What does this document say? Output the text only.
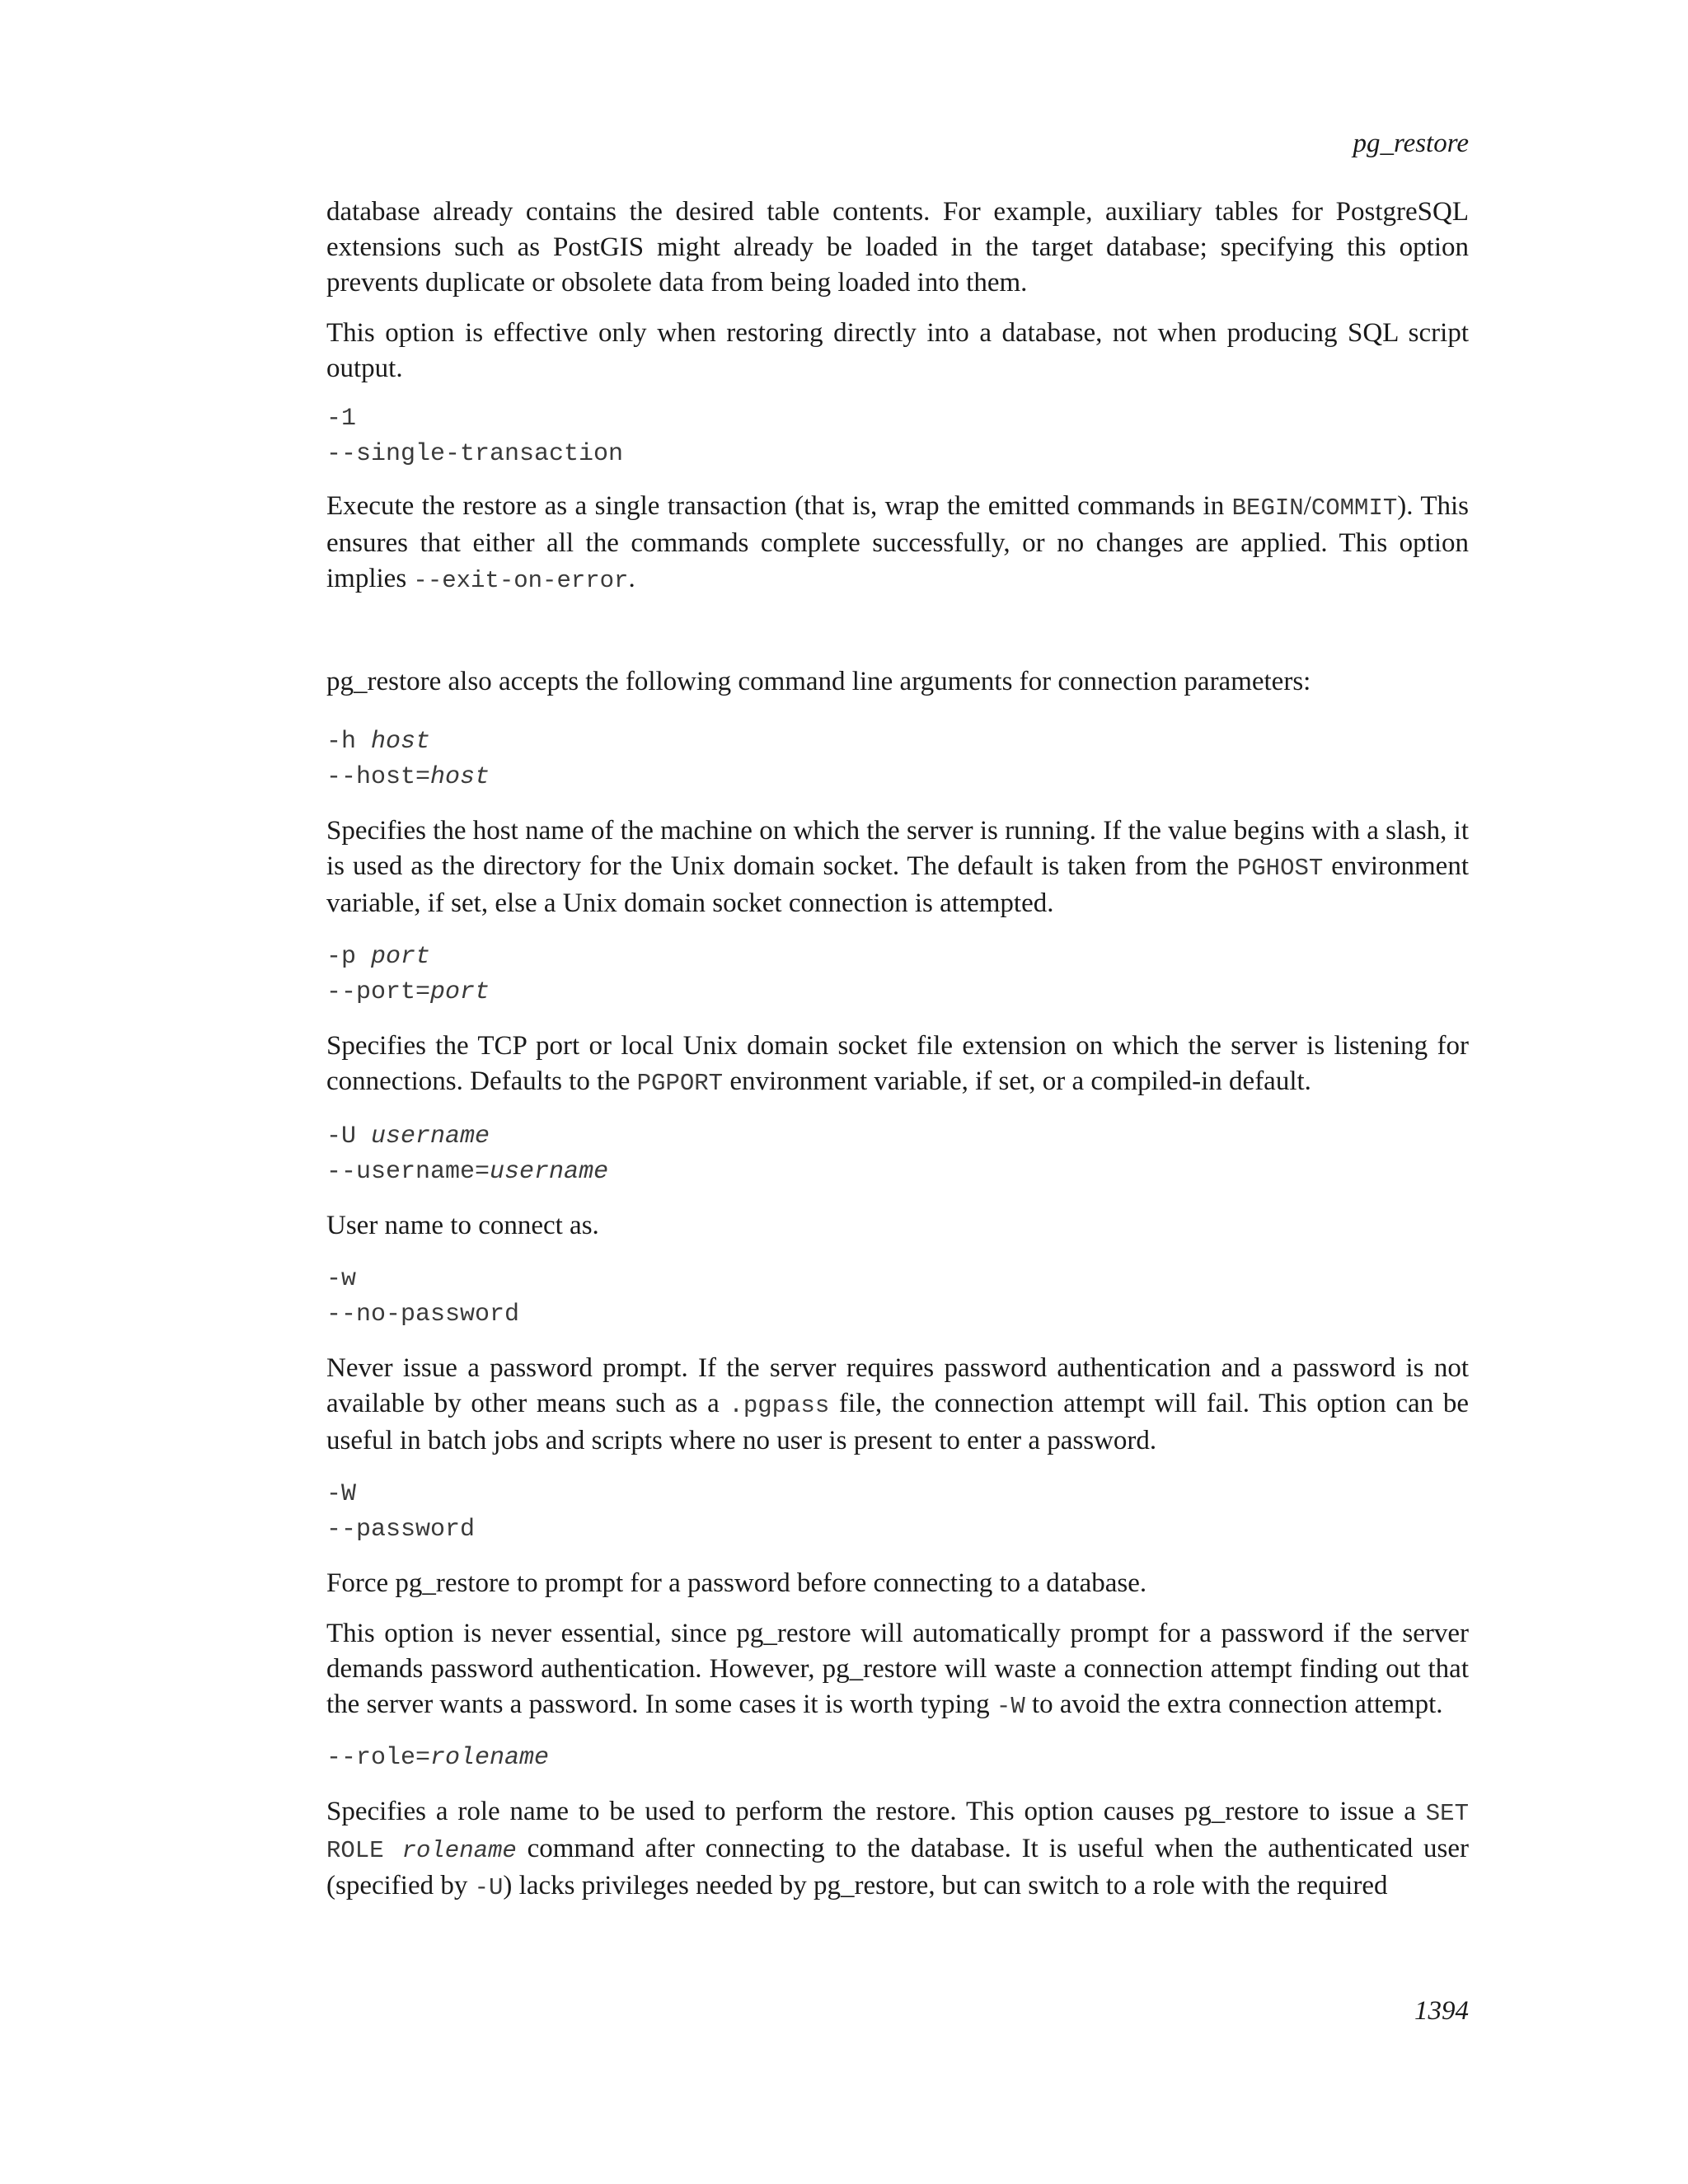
pg_restore

database already contains the desired table contents. For example, auxiliary tables for PostgreSQL extensions such as PostGIS might already be loaded in the target database; specifying this option prevents duplicate or obsolete data from being loaded into them.

This option is effective only when restoring directly into a database, not when producing SQL script output.

-1

--single-transaction

Execute the restore as a single transaction (that is, wrap the emitted commands in BEGIN/COMMIT). This ensures that either all the commands complete successfully, or no changes are applied. This option implies --exit-on-error.

pg_restore also accepts the following command line arguments for connection parameters:

-h host

--host=host

Specifies the host name of the machine on which the server is running. If the value begins with a slash, it is used as the directory for the Unix domain socket. The default is taken from the PGHOST environment variable, if set, else a Unix domain socket connection is attempted.

-p port

--port=port

Specifies the TCP port or local Unix domain socket file extension on which the server is listening for connections. Defaults to the PGPORT environment variable, if set, or a compiled-in default.

-U username

--username=username

User name to connect as.

-w

--no-password

Never issue a password prompt. If the server requires password authentication and a password is not available by other means such as a .pgpass file, the connection attempt will fail. This option can be useful in batch jobs and scripts where no user is present to enter a password.

-W

--password

Force pg_restore to prompt for a password before connecting to a database.

This option is never essential, since pg_restore will automatically prompt for a password if the server demands password authentication. However, pg_restore will waste a connection attempt finding out that the server wants a password. In some cases it is worth typing -W to avoid the extra connection attempt.

--role=rolename

Specifies a role name to be used to perform the restore. This option causes pg_restore to issue a SET ROLE rolename command after connecting to the database. It is useful when the authenticated user (specified by -U) lacks privileges needed by pg_restore, but can switch to a role with the required

1394
